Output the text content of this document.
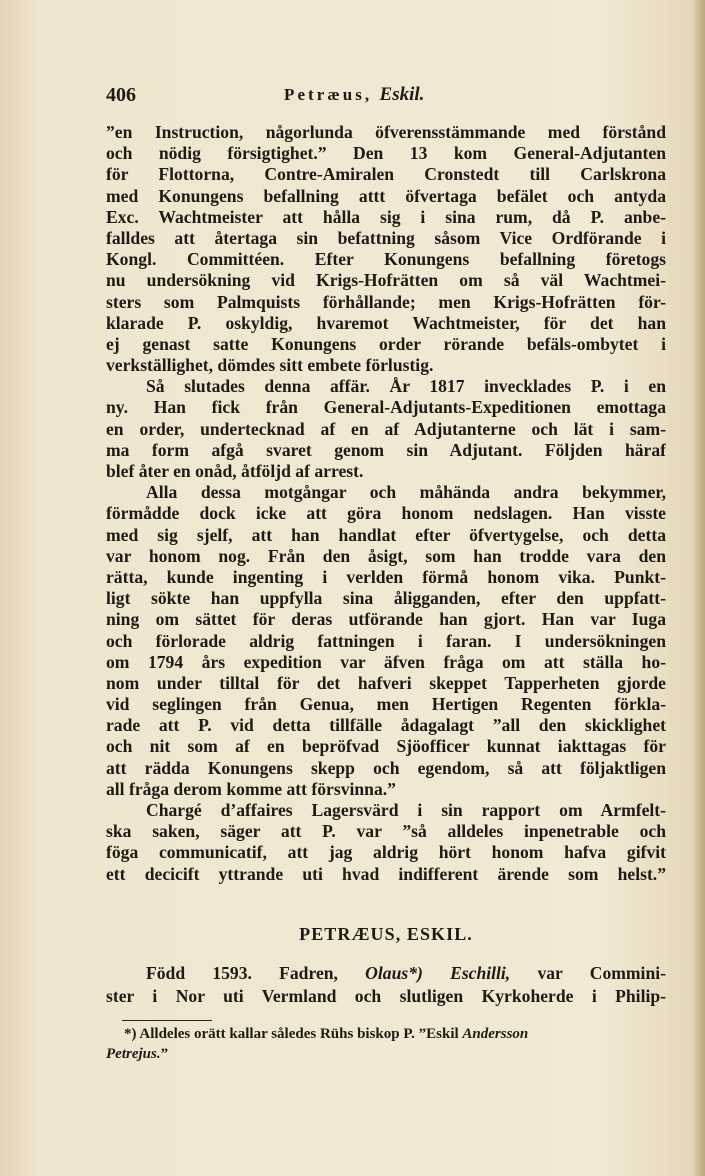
406	Petræus, Eskil.
”en Instruction, någorlunda öfverensstämmande med förstånd
och nödig försigtighet.” Den 13 kom General-Adjutanten
för Flottorna, Contre-Amiralen Cronstedt till Carlskrona
med Konungens befallning attt öfvertaga befälet och antyda
Exc. Wachtmeister att hålla sig i sina rum, då P. anbe-
falldes att återtaga sin befattning såsom Vice Ordförande i
Kongl. Committéen. Efter Konungens befallning företogs
nu undersökning vid Krigs-Hofrätten om så väl Wachtmei-
sters som Palmquists förhållande; men Krigs-Hofrätten för-
klarade P. oskyldig, hvaremot Wachtmeister, för det han
ej genast satte Konungens order rörande befäls-ombytet i
verkställighet, dömdes sitt embete förlustig.
Så slutades denna affär. År 1817 invecklades P. i en
ny. Han fick från General-Adjutants-Expeditionen emottaga
en order, undertecknad af en af Adjutanterne och lät i sam-
ma form afgå svaret genom sin Adjutant. Följden häraf
blef åter en onåd, åtföljd af arrest.
Alla dessa motgångar och måhända andra bekymmer,
förmådde dock icke att göra honom nedslagen. Han visste
med sig sjelf, att han handlat efter öfvertygelse, och detta
var honom nog. Från den åsigt, som han trodde vara den
rätta, kunde ingenting i verlden förmå honom vika. Punkt-
ligt sökte han uppfylla sina åligganden, efter den uppfatt-
ning om sättet för deras utförande han gjort. Han var Iuga
och förlorade aldrig fattningen i faran. I undersökningen
om 1794 års expedition var äfven fråga om att ställa ho-
nom under tilltal för det hafveri skeppet Tapperheten gjorde
vid seglingen från Genua, men Hertigen Regenten förkla-
rade att P. vid detta tillfälle ådagalagt ”all den skicklighet
och nit som af en bepröfvad Sjöofficer kunnat iakttagas för
att rädda Konungens skepp och egendom, så att följaktligen
all fråga derom komme att försvinna.”
Chargé d’affaires Lagersvärd i sin rapport om Armfelt-
ska saken, säger att P. var ”så alldeles inpenetrable och
föga communicatif, att jag aldrig hört honom hafva gifvit
ett decicift yttrande uti hvad indifferent ärende som helst.”
PETRÆUS, ESKIL.
Född 1593. Fadren, Olaus*) Eschilli, var Commini-
ster i Nor uti Vermland och slutligen Kyrkoherde i Philip-
*) Alldeles orätt kallar således Rühs biskop P. ”Eskil Andersson
Petrejus.”
